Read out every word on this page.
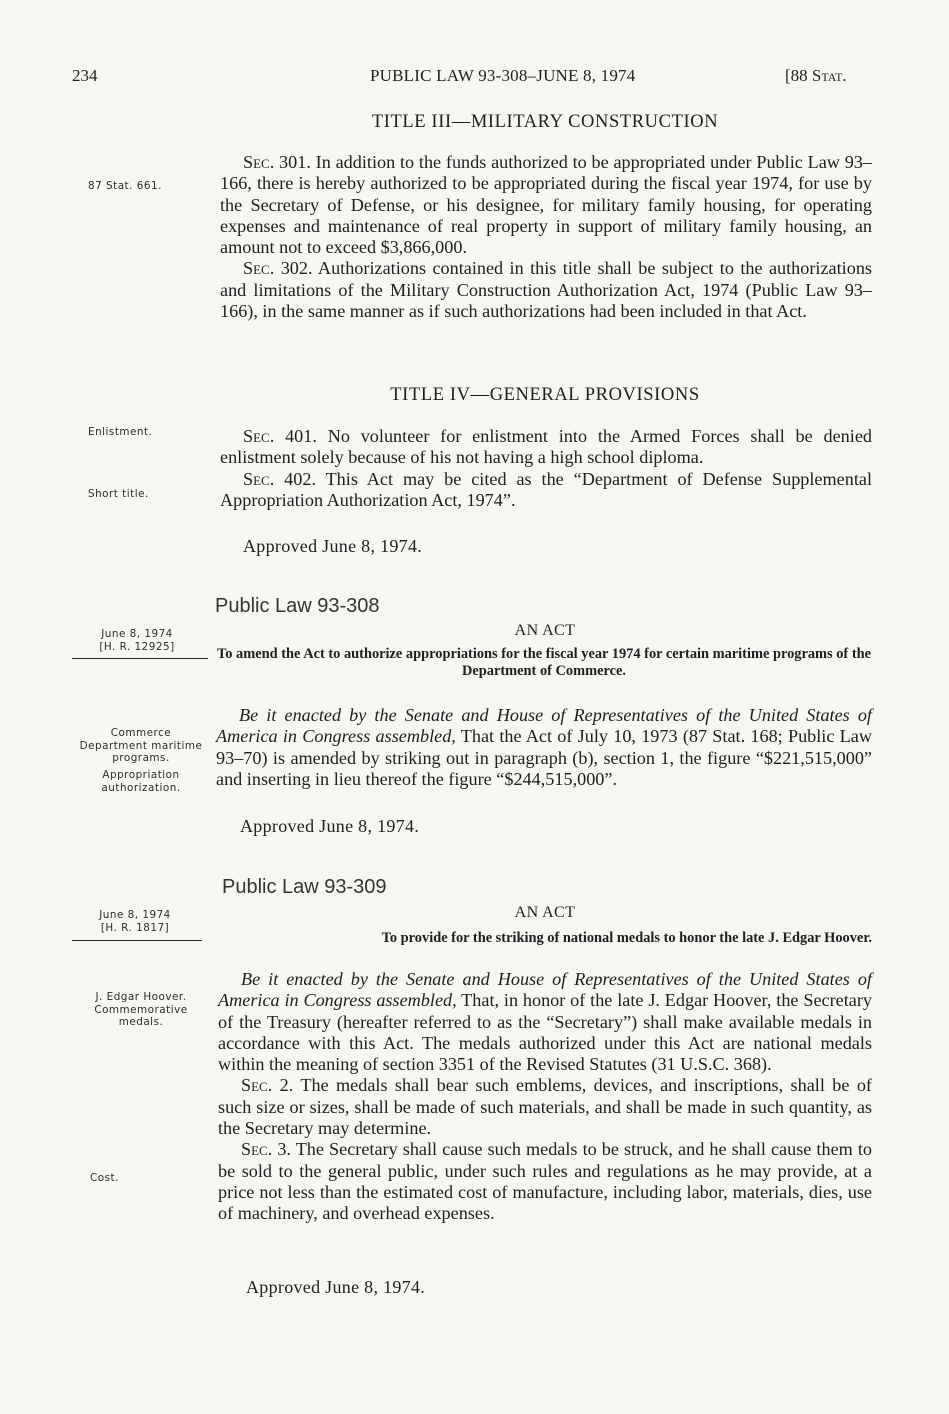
234	PUBLIC LAW 93-308–JUNE 8, 1974	[88 Stat.
TITLE III—MILITARY CONSTRUCTION
87 Stat. 661.

Sec. 301. In addition to the funds authorized to be appropriated under Public Law 93–166, there is hereby authorized to be appropriated during the fiscal year 1974, for use by the Secretary of Defense, or his designee, for military family housing, for operating expenses and maintenance of real property in support of military family housing, an amount not to exceed $3,866,000.

Sec. 302. Authorizations contained in this title shall be subject to the authorizations and limitations of the Military Construction Authorization Act, 1974 (Public Law 93–166), in the same manner as if such authorizations had been included in that Act.

TITLE IV—GENERAL PROVISIONS
Enlistment.
Short title.

Sec. 401. No volunteer for enlistment into the Armed Forces shall be denied enlistment solely because of his not having a high school diploma.

Sec. 402. This Act may be cited as the “Department of Defense Supplemental Appropriation Authorization Act, 1974”.

Approved June 8, 1974.
Public Law 93-308
June 8, 1974
[H. R. 12925]
AN ACT
To amend the Act to authorize appropriations for the fiscal year 1974 for certain maritime programs of the Department of Commerce.
Commerce Department maritime programs.
Appropriation authorization.

Be it enacted by the Senate and House of Representatives of the United States of America in Congress assembled, That the Act of July 10, 1973 (87 Stat. 168; Public Law 93–70) is amended by striking out in paragraph (b), section 1, the figure “$221,515,000” and inserting in lieu thereof the figure “$244,515,000”.

Approved June 8, 1974.
Public Law 93-309
June 8, 1974
[H. R. 1817]
AN ACT
To provide for the striking of national medals to honor the late J. Edgar Hoover.
J. Edgar Hoover. Commemorative medals.
Cost.

Be it enacted by the Senate and House of Representatives of the United States of America in Congress assembled, That, in honor of the late J. Edgar Hoover, the Secretary of the Treasury (hereafter referred to as the “Secretary”) shall make available medals in accordance with this Act. The medals authorized under this Act are national medals within the meaning of section 3351 of the Revised Statutes (31 U.S.C. 368).

Sec. 2. The medals shall bear such emblems, devices, and inscriptions, shall be of such size or sizes, shall be made of such materials, and shall be made in such quantity, as the Secretary may determine.

Sec. 3. The Secretary shall cause such medals to be struck, and he shall cause them to be sold to the general public, under such rules and regulations as he may provide, at a price not less than the estimated cost of manufacture, including labor, materials, dies, use of machinery, and overhead expenses.

Approved June 8, 1974.
